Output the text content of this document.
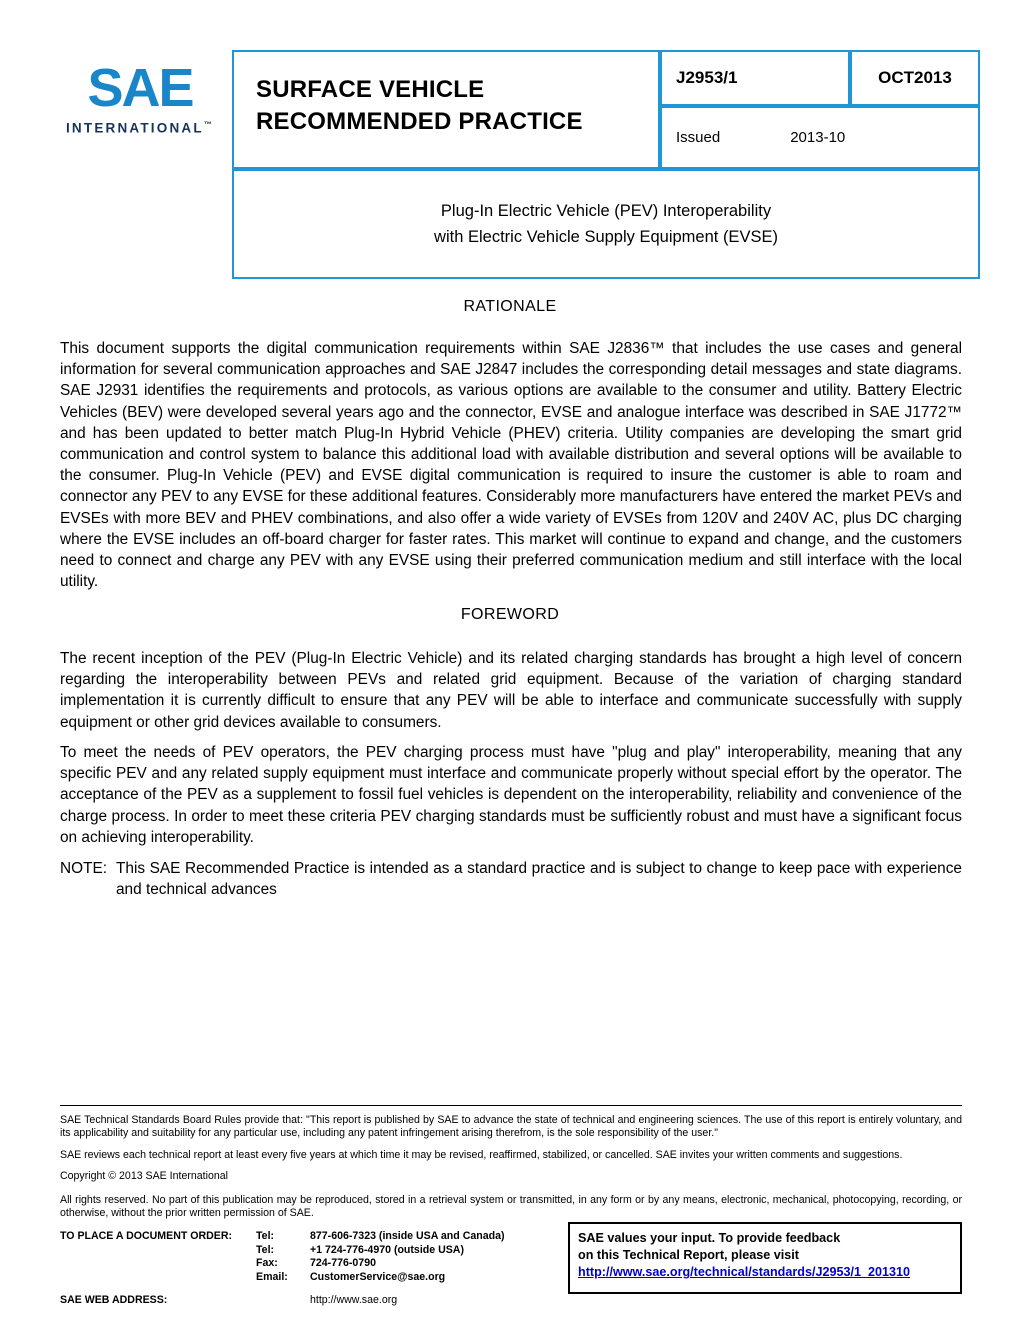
SAE
INTERNATIONAL™
SURFACE VEHICLE
RECOMMENDED PRACTICE
J2953/1	OCT2013
Issued	2013-10
Plug-In Electric Vehicle (PEV) Interoperability
with Electric Vehicle Supply Equipment (EVSE)
RATIONALE
This document supports the digital communication requirements within SAE J2836™ that includes the use cases and general information for several communication approaches and SAE J2847 includes the corresponding detail messages and state diagrams. SAE J2931 identifies the requirements and protocols, as various options are available to the consumer and utility. Battery Electric Vehicles (BEV) were developed several years ago and the connector, EVSE and analogue interface was described in SAE J1772™ and has been updated to better match Plug-In Hybrid Vehicle (PHEV) criteria. Utility companies are developing the smart grid communication and control system to balance this additional load with available distribution and several options will be available to the consumer. Plug-In Vehicle (PEV) and EVSE digital communication is required to insure the customer is able to roam and connector any PEV to any EVSE for these additional features. Considerably more manufacturers have entered the market PEVs and EVSEs with more BEV and PHEV combinations, and also offer a wide variety of EVSEs from 120V and 240V AC, plus DC charging where the EVSE includes an off-board charger for faster rates. This market will continue to expand and change, and the customers need to connect and charge any PEV with any EVSE using their preferred communication medium and still interface with the local utility.
FOREWORD
The recent inception of the PEV (Plug-In Electric Vehicle) and its related charging standards has brought a high level of concern regarding the interoperability between PEVs and related grid equipment. Because of the variation of charging standard implementation it is currently difficult to ensure that any PEV will be able to interface and communicate successfully with supply equipment or other grid devices available to consumers.
To meet the needs of PEV operators, the PEV charging process must have "plug and play" interoperability, meaning that any specific PEV and any related supply equipment must interface and communicate properly without special effort by the operator. The acceptance of the PEV as a supplement to fossil fuel vehicles is dependent on the interoperability, reliability and convenience of the charge process. In order to meet these criteria PEV charging standards must be sufficiently robust and must have a significant focus on achieving interoperability.
NOTE: This SAE Recommended Practice is intended as a standard practice and is subject to change to keep pace with experience and technical advances

SAE Technical Standards Board Rules provide that: "This report is published by SAE to advance the state of technical and engineering sciences. The use of this report is entirely voluntary, and its applicability and suitability for any particular use, including any patent infringement arising therefrom, is the sole responsibility of the user."

SAE reviews each technical report at least every five years at which time it may be revised, reaffirmed, stabilized, or cancelled. SAE invites your written comments and suggestions.

Copyright © 2013 SAE International

All rights reserved. No part of this publication may be reproduced, stored in a retrieval system or transmitted, in any form or by any means, electronic, mechanical, photocopying, recording, or otherwise, without the prior written permission of SAE.

TO PLACE A DOCUMENT ORDER:	Tel:	877-606-7323 (inside USA and Canada)
Tel:	+1 724-776-4970 (outside USA)
Fax:	724-776-0790
Email:	CustomerService@sae.org
SAE WEB ADDRESS:	http://www.sae.org
SAE values your input. To provide feedback
on this Technical Report, please visit
http://www.sae.org/technical/standards/J2953/1_201310
